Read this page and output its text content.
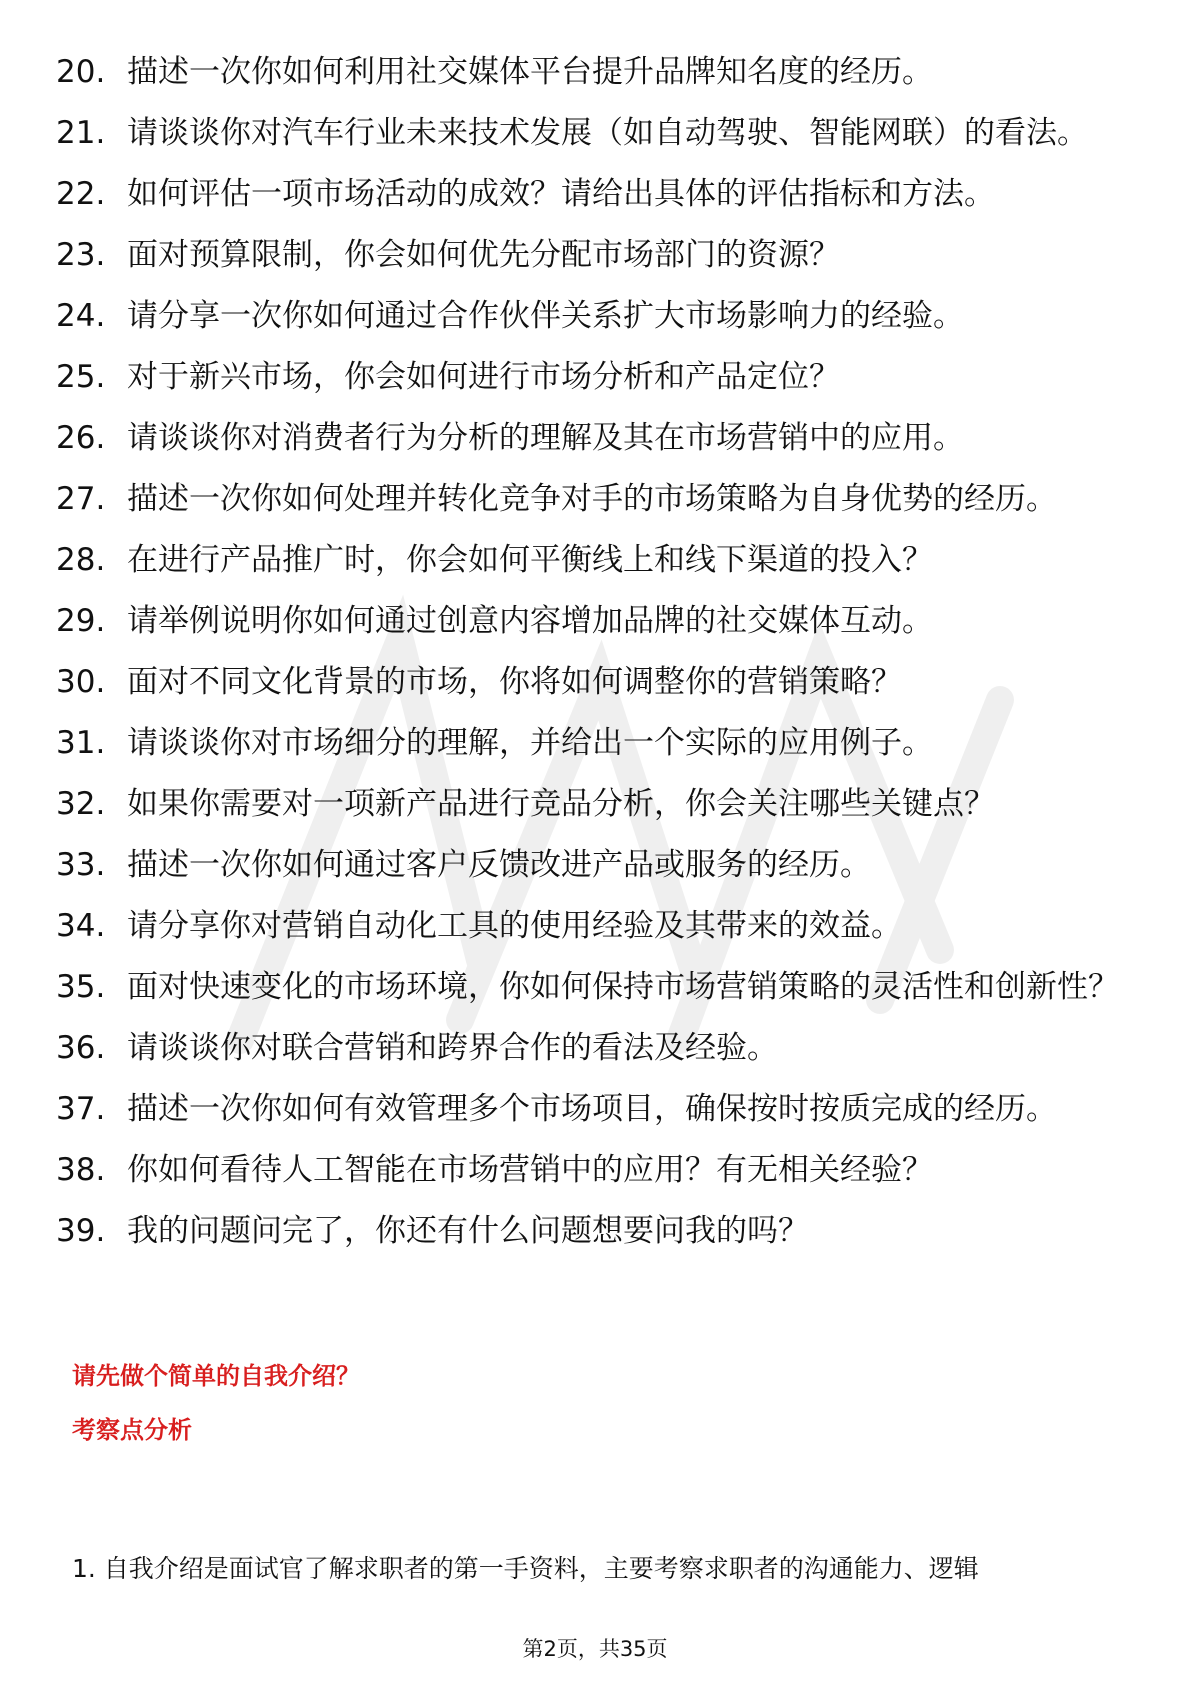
20. 描述一次你如何利用社交媒体平台提升品牌知名度的经历。
21. 请谈谈你对汽车行业未来技术发展（如自动驾驶、智能网联）的看法。
22. 如何评估一项市场活动的成效？请给出具体的评估指标和方法。
23. 面对预算限制，你会如何优先分配市场部门的资源？
24. 请分享一次你如何通过合作伙伴关系扩大市场影响力的经验。
25. 对于新兴市场，你会如何进行市场分析和产品定位？
26. 请谈谈你对消费者行为分析的理解及其在市场营销中的应用。
27. 描述一次你如何处理并转化竞争对手的市场策略为自身优势的经历。
28. 在进行产品推广时，你会如何平衡线上和线下渠道的投入？
29. 请举例说明你如何通过创意内容增加品牌的社交媒体互动。
30. 面对不同文化背景的市场，你将如何调整你的营销策略？
31. 请谈谈你对市场细分的理解，并给出一个实际的应用例子。
32. 如果你需要对一项新产品进行竞品分析，你会关注哪些关键点？
33. 描述一次你如何通过客户反馈改进产品或服务的经历。
34. 请分享你对营销自动化工具的使用经验及其带来的效益。
35. 面对快速变化的市场环境，你如何保持市场营销策略的灵活性和创新性？
36. 请谈谈你对联合营销和跨界合作的看法及经验。
37. 描述一次你如何有效管理多个市场项目，确保按时按质完成的经历。
38. 你如何看待人工智能在市场营销中的应用？有无相关经验？
39. 我的问题问完了，你还有什么问题想要问我的吗？
请先做个简单的自我介绍？
考察点分析
1. 自我介绍是面试官了解求职者的第一手资料，主要考察求职者的沟通能力、逻辑
第2页，共35页
